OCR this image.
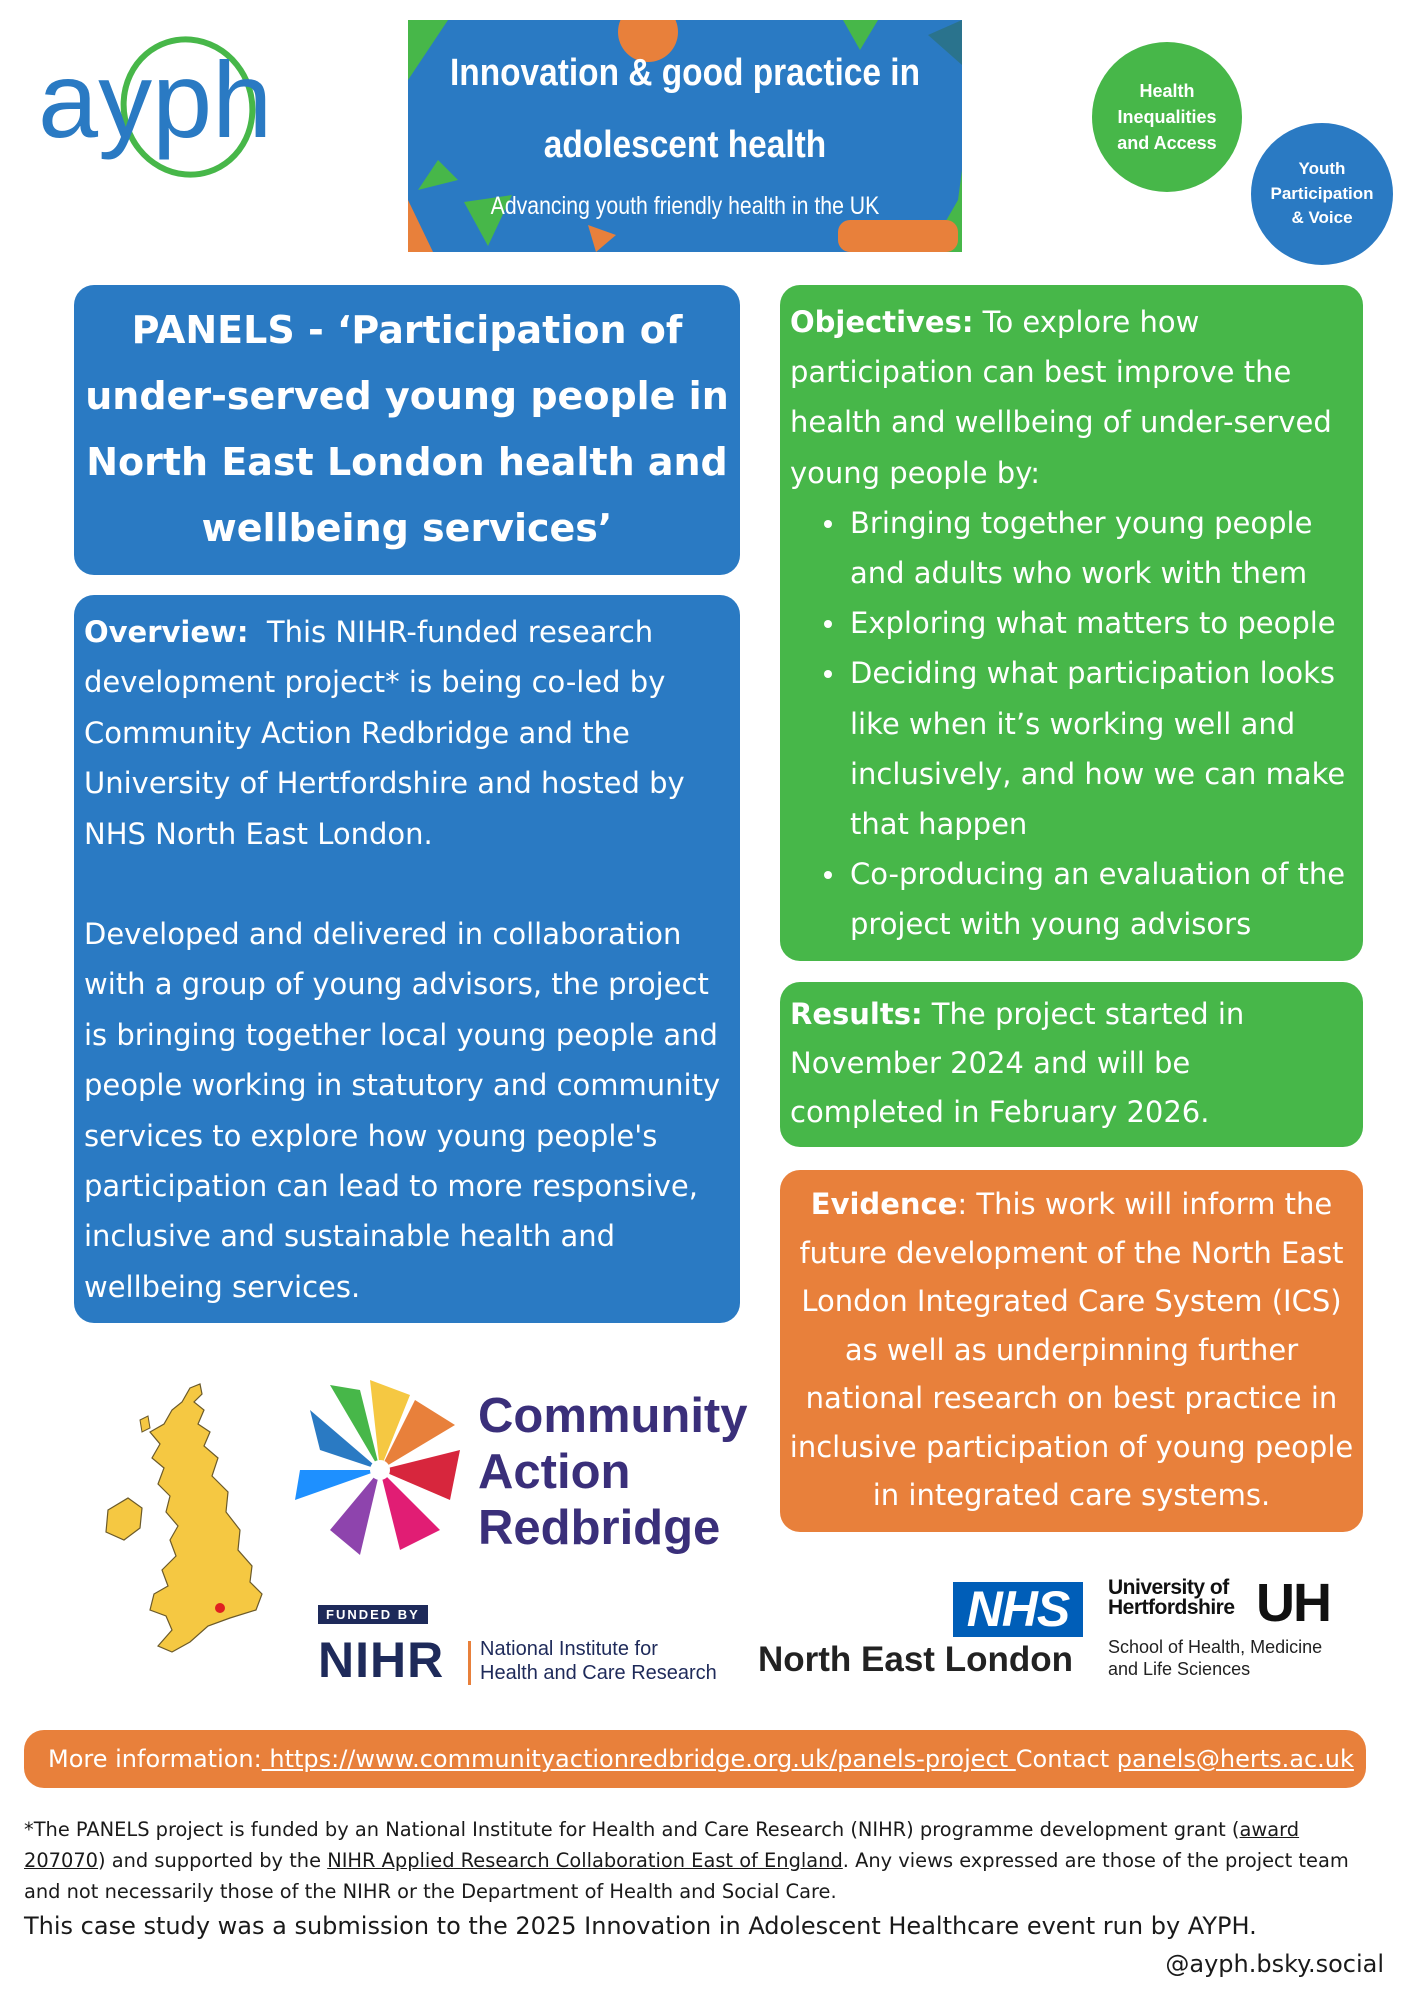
ayph	Innovation & good practice in
adolescent health
Advancing youth friendly health in the UK
Health
Inequalities
and Access
Youth
Participation
& Voice
PANELS - ‘Participation of under-served young people in North East London health and wellbeing services’

Overview: This NIHR-funded research development project* is being co-led by Community Action Redbridge and the University of Hertfordshire and hosted by NHS North East London.

Developed and delivered in collaboration with a group of young advisors, the project is bringing together local young people and people working in statutory and community services to explore how young people's participation can lead to more responsive, inclusive and sustainable health and wellbeing services.

Objectives: To explore how participation can best improve the health and wellbeing of under-served young people by:

Bringing together young people and adults who work with them
Exploring what matters to people
Deciding what participation looks like when it’s working well and inclusively, and how we can make that happen
Co-producing an evaluation of the project with young advisors

Results: The project started in November 2024 and will be completed in February 2026.

Evidence: This work will inform the future development of the North East London Integrated Care System (ICS) as well as underpinning further national research on best practice in inclusive participation of young people in integrated care systems.

Community
Action
Redbridge
FUNDED BY
NIHR National Institute for
Health and Care Research
NHS
North East London
University of
Hertfordshire UH
School of Health, Medicine
and Life Sciences
More information: https://www.communityactionredbridge.org.uk/panels-project Contact panels@herts.ac.uk

*The PANELS project is funded by an National Institute for Health and Care Research (NIHR) programme development grant (award 207070) and supported by the NIHR Applied Research Collaboration East of England. Any views expressed are those of the project team and not necessarily those of the NIHR or the Department of Health and Social Care.

This case study was a submission to the 2025 Innovation in Adolescent Healthcare event run by AYPH.
@ayph.bsky.social
